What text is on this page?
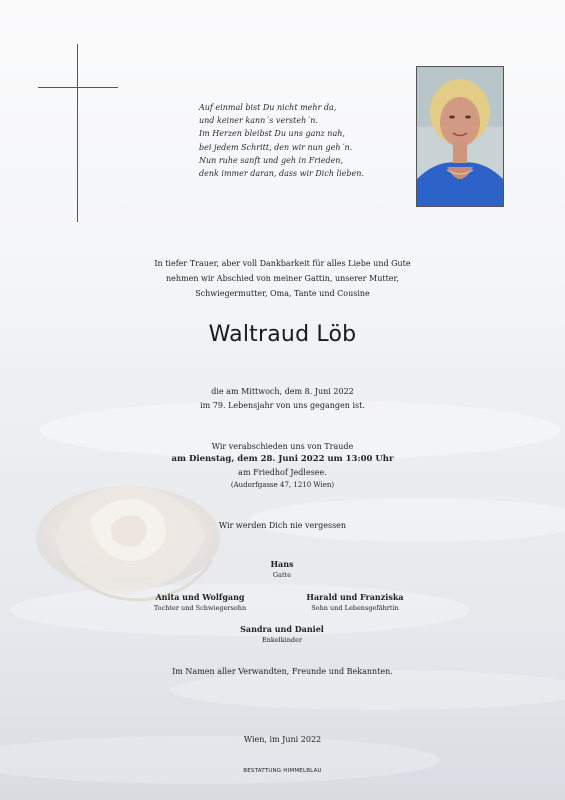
Auf einmal bist Du nicht mehr da,
und keiner kann´s versteh´n.
Im Herzen bleibst Du uns ganz nah,
bei jedem Schritt, den wir nun geh´n.
Nun ruhe sanft und geh in Frieden,
denk immer daran, dass wir Dich lieben.
In tiefer Trauer, aber voll Dankbarkeit für alles Liebe und Gute
nehmen wir Abschied von meiner Gattin, unserer Mutter,
Schwiegermutter, Oma, Tante und Cousine
Waltraud Löb
die am Mittwoch, dem 8. Juni 2022
im 79. Lebensjahr von uns gegangen ist.
Wir verabschieden uns von Traude
am Dienstag, dem 28. Juni 2022 um 13:00 Uhr
am Friedhof Jedlesee.
(Audorfgasse 47, 1210 Wien)
Wir werden Dich nie vergessen
Hans
Gatte
Anita und Wolfgang
Tochter und Schwiegersohn
Harald und Franziska
Sohn und Lebensgefährtin
Sandra und Daniel
Enkelkinder
Im Namen aller Verwandten, Freunde und Bekannten.
Wien, im Juni 2022
BESTATTUNG HIMMELBLAU
